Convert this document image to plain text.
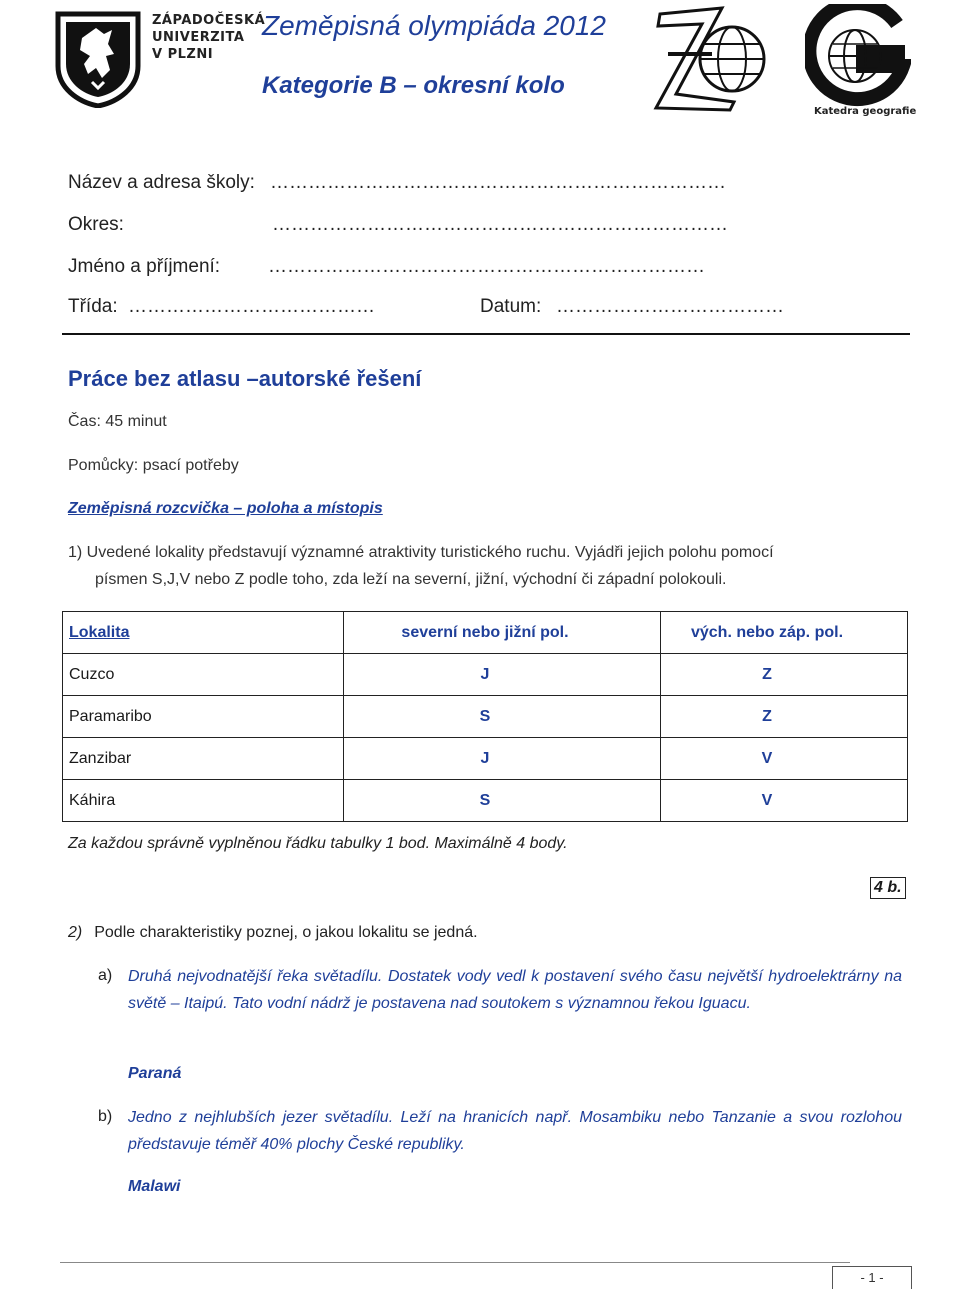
ZÁPADOČESKÁ
UNIVERZITA
V PLZNI
Zeměpisná olympiáda 2012
Kategorie B – okresní kolo
Katedra geografie
Název a adresa školy: ………………………………………………………………
Okres:	………………………………………………………………
Jméno a příjmení:	……………………………………………………………
Třída: …………………………………	Datum: ………………………………
Práce bez atlasu –autorské řešení
Čas: 45 minut
Pomůcky: psací potřeby
Zeměpisná rozcvička – poloha a místopis
1) Uvedené lokality představují významné atraktivity turistického ruchu. Vyjádři jejich polohu pomocí
písmen S,J,V nebo Z podle toho, zda leží na severní, jižní, východní či západní polokouli.
Lokalita	severní nebo jižní pol.	vých. nebo záp. pol.
Cuzco	J	Z
Paramaribo	S	Z
Zanzibar	J	V
Káhira	S	V
Za každou správně vyplněnou řádku tabulky 1 bod. Maximálně 4 body.
4 b.
2) Podle charakteristiky poznej, o jakou lokalitu se jedná.
a) Druhá nejvodnatější řeka světadílu. Dostatek vody vedl k postavení svého času největší hydroelektrárny na světě – Itaipú. Tato vodní nádrž je postavena nad soutokem s významnou řekou Iguacu.
Paraná
b) Jedno z nejhlubších jezer světadílu. Leží na hranicích např. Mosambiku nebo Tanzanie a svou rozlohou představuje téměř 40% plochy České republiky.
Malawi
- 1 -
